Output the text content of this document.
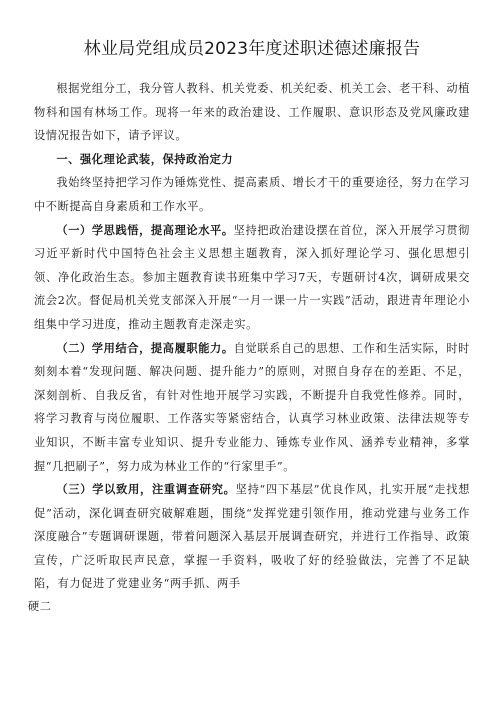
林业局党组成员2023年度述职述德述廉报告

根据党组分工，我分管人教科、机关党委、机关纪委、机关工会、老干科、动植物科和国有林场工作。现将一年来的政治建设、工作履职、意识形态及党风廉政建设情况报告如下，请予评议。

一、强化理论武装，保持政治定力

我始终坚持把学习作为锤炼党性、提高素质、增长才干的重要途径，努力在学习中不断提高自身素质和工作水平。

（一）学思践悟，提高理论水平。坚持把政治建设摆在首位，深入开展学习贯彻习近平新时代中国特色社会主义思想主题教育，深入抓好理论学习、强化思想引领、净化政治生态。参加主题教育读书班集中学习7天，专题研讨4次，调研成果交流会2次。督促局机关党支部深入开展“一月一课一片一实践”活动，跟进青年理论小组集中学习进度，推动主题教育走深走实。

（二）学用结合，提高履职能力。自觉联系自己的思想、工作和生活实际，时时刻刻本着“发现问题、解决问题、提升能力”的原则，对照自身存在的差距、不足，深刻剖析、自我反省，有针对性地开展学习实践，不断提升自我党性修养。同时，将学习教育与岗位履职、工作落实等紧密结合，认真学习林业政策、法律法规等专业知识，不断丰富专业知识、提升专业能力、锤炼专业作风、涵养专业精神，多掌握“几把刷子”，努力成为林业工作的“行家里手”。

（三）学以致用，注重调查研究。坚持“四下基层”优良作风，扎实开展“走找想促”活动，深化调查研究破解难题，围绕“发挥党建引领作用，推动党建与业务工作深度融合”专题调研课题，带着问题深入基层开展调查研究，并进行工作指导、政策宣传，广泛听取民声民意，掌握一手资料，吸收了好的经验做法，完善了不足缺陷，有力促进了党建业务“两手抓、两手

硬二
